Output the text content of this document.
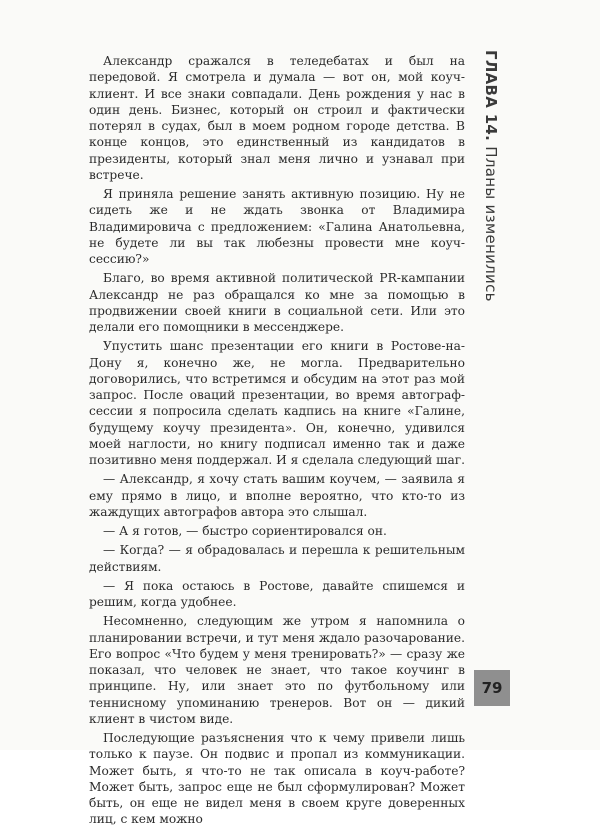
Александр сражался в теледебатах и был на передовой. Я смотрела и думала — вот он, мой коуч-клиент. И все знаки совпадали. День рождения у нас в один день. Бизнес, который он строил и фактически потерял в судах, был в моем родном городе детства. В конце концов, это единственный из кандидатов в президенты, который знал меня лично и узнавал при встрече.

Я приняла решение занять активную позицию. Ну не сидеть же и не ждать звонка от Владимира Владимировича с предложением: «Галина Анатольевна, не будете ли вы так любезны провести мне коуч-сессию?»

Благо, во время активной политической PR-кампании Александр не раз обращался ко мне за помощью в продвижении своей книги в социальной сети. Или это делали его помощники в мессенджере.

Упустить шанс презентации его книги в Ростове-на-Дону я, конечно же, не могла. Предварительно договорились, что встретимся и обсудим на этот раз мой запрос. После оваций презентации, во время автограф-сессии я попросила сделать кадпись на книге «Галине, будущему коучу президента». Он, конечно, удивился моей наглости, но книгу подписал именно так и даже позитивно меня поддержал. И я сделала следующий шаг.

— Александр, я хочу стать вашим коучем, — заявила я ему прямо в лицо, и вполне вероятно, что кто-то из жаждущих автографов автора это слышал.

— А я готов, — быстро сориентировался он.

— Когда? — я обрадовалась и перешла к решительным действиям.

— Я пока остаюсь в Ростове, давайте спишемся и решим, когда удобнее.

Несомненно, следующим же утром я напомнила о планировании встречи, и тут меня ждало разочарование. Его вопрос «Что будем у меня тренировать?» — сразу же показал, что человек не знает, что такое коучинг в принципе. Ну, или знает это по футбольному или теннисному упоминанию тренеров. Вот он — дикий клиент в чистом виде.

Последующие разъяснения что к чему привели лишь только к паузе. Он подвис и пропал из коммуникации. Может быть, я что-то не так описала в коуч-работе? Может быть, запрос еще не был сформулирован? Может быть, он еще не видел меня в своем круге доверенных лиц, с кем можно

ГЛАВА 14. Планы изменились
79
